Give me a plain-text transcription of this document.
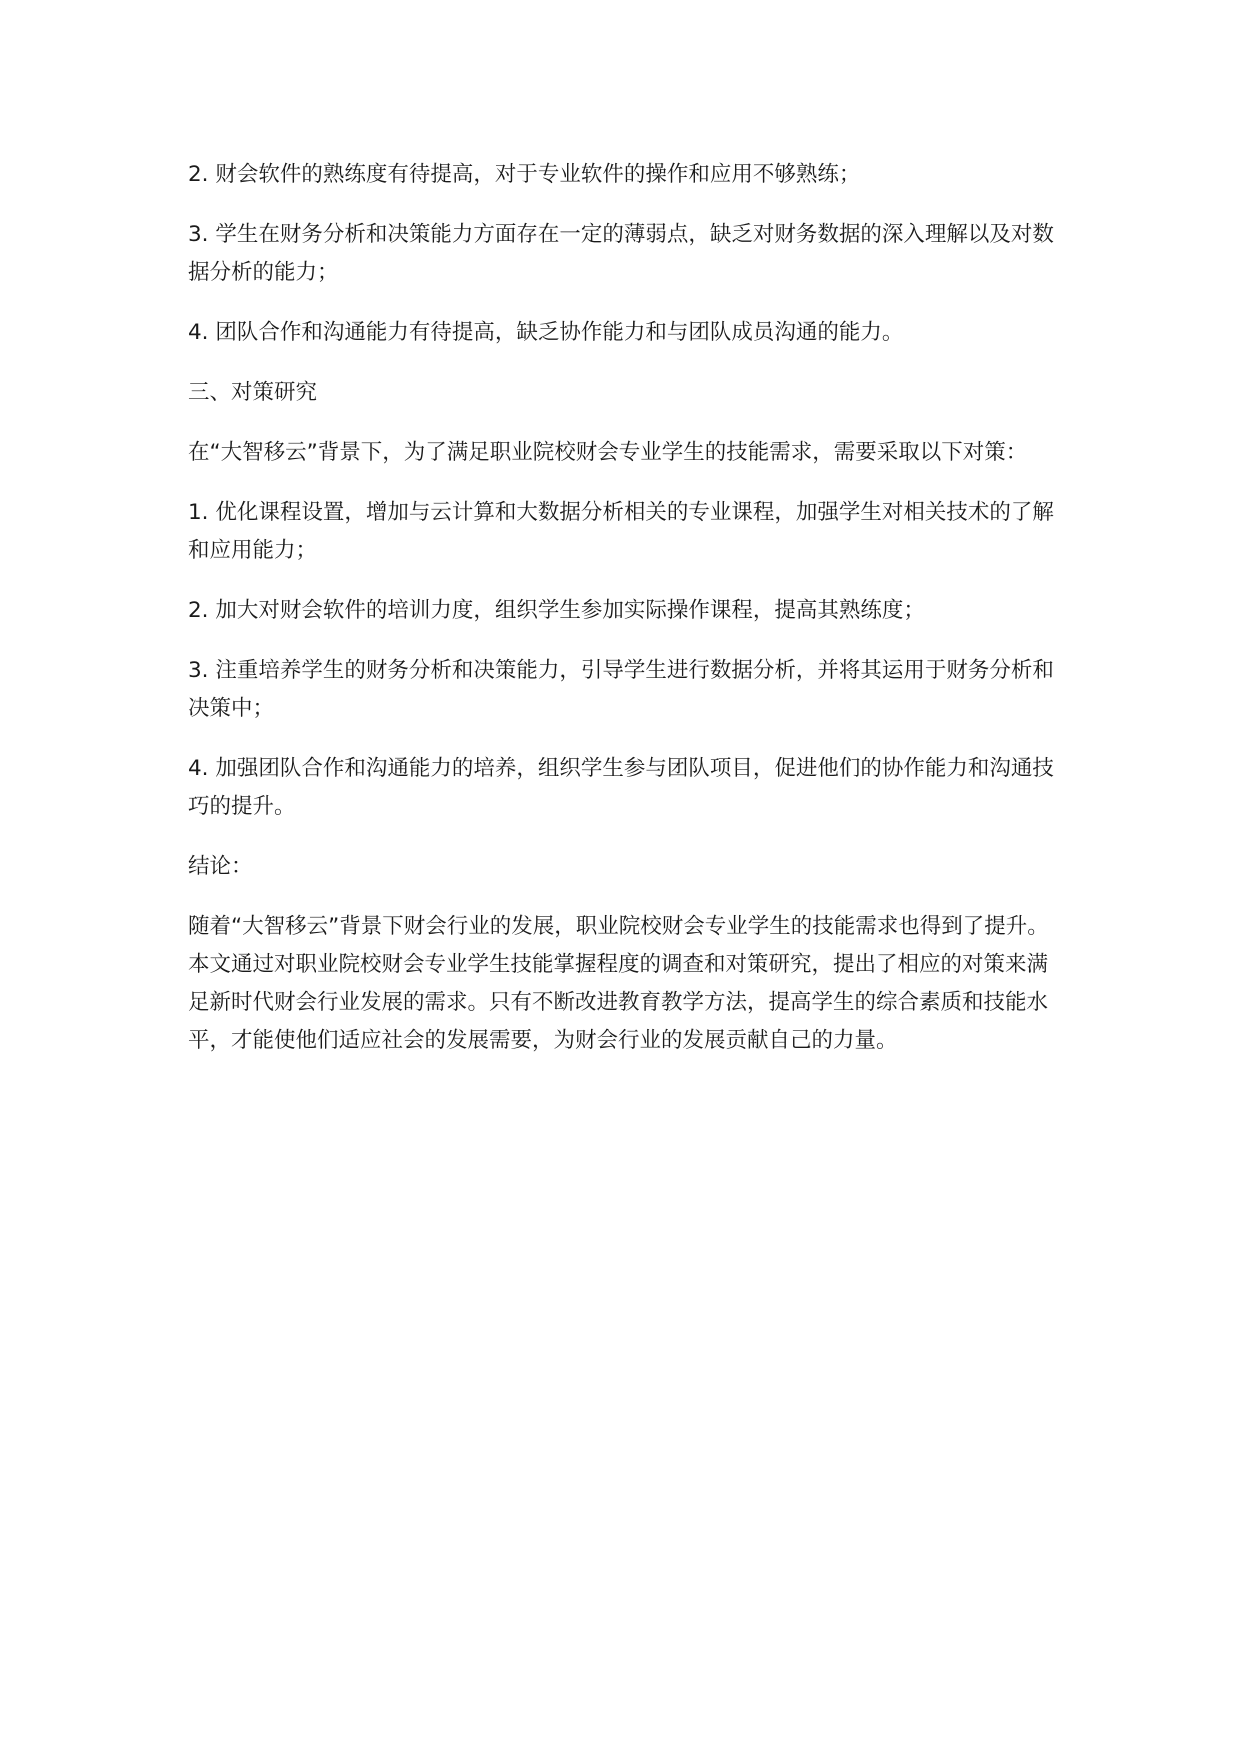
2. 财会软件的熟练度有待提高，对于专业软件的操作和应用不够熟练；

3. 学生在财务分析和决策能力方面存在一定的薄弱点，缺乏对财务数据的深入理解以及对数据分析的能力；

4. 团队合作和沟通能力有待提高，缺乏协作能力和与团队成员沟通的能力。

三、对策研究

在“大智移云”背景下，为了满足职业院校财会专业学生的技能需求，需要采取以下对策：

1. 优化课程设置，增加与云计算和大数据分析相关的专业课程，加强学生对相关技术的了解和应用能力；

2. 加大对财会软件的培训力度，组织学生参加实际操作课程，提高其熟练度；

3. 注重培养学生的财务分析和决策能力，引导学生进行数据分析，并将其运用于财务分析和决策中；

4. 加强团队合作和沟通能力的培养，组织学生参与团队项目，促进他们的协作能力和沟通技巧的提升。

结论：

随着“大智移云”背景下财会行业的发展，职业院校财会专业学生的技能需求也得到了提升。本文通过对职业院校财会专业学生技能掌握程度的调查和对策研究，提出了相应的对策来满足新时代财会行业发展的需求。只有不断改进教育教学方法，提高学生的综合素质和技能水平，才能使他们适应社会的发展需要，为财会行业的发展贡献自己的力量。
